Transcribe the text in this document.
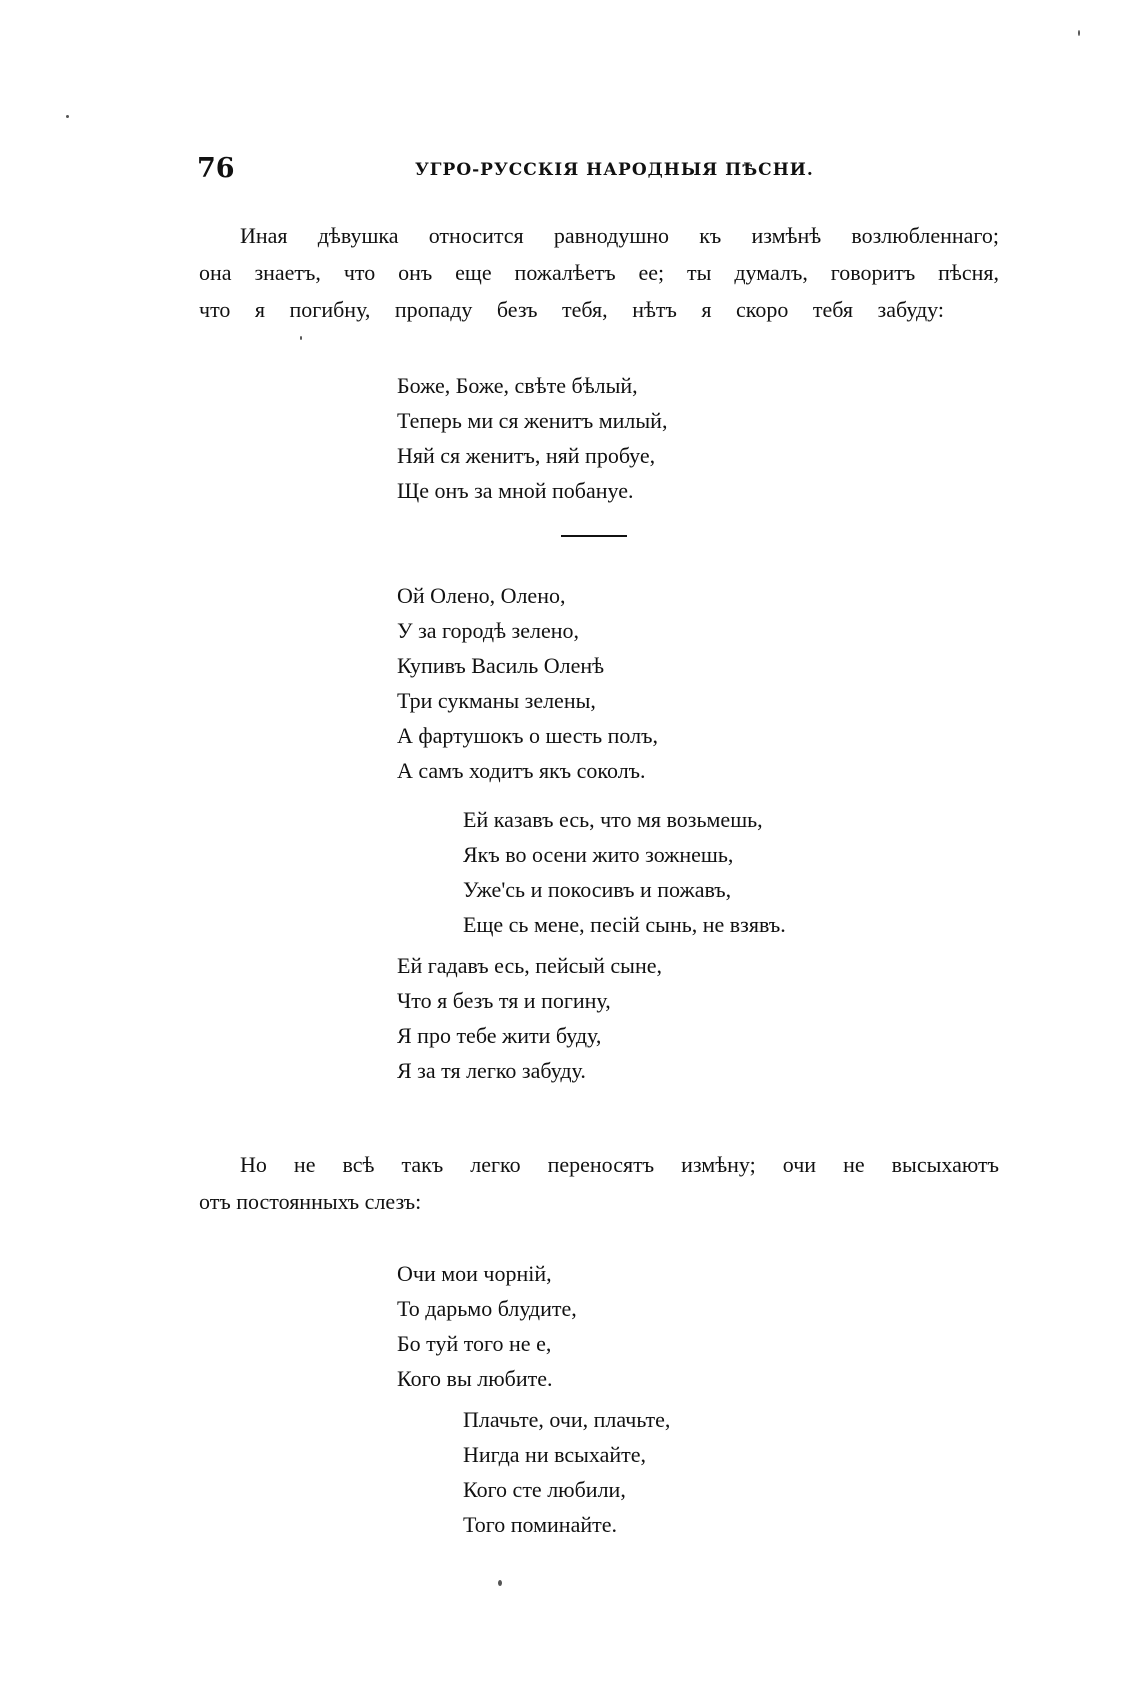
76	УГРО-РУССКІЯ НАРОДНЫЯ ПѢСНИ.

Иная дѣвушка относится равнодушно къ измѣнѣ возлюбленнаго;
она знаетъ, что онъ еще пожалѣетъ ее; ты думалъ, говоритъ пѣсня,
что я погибну, пропаду безъ тебя, нѣтъ я скоро тебя забуду:

Боже, Боже, свѣте бѣлый,
Теперь ми ся женитъ милый,
Няй ся женитъ, няй пробуе,
Ще онъ за мной побануе.
Ой Олено, Олено,
У за городѣ зелено,
Купивъ Василь Оленѣ
Три сукманы зелены,
А фартушокъ о шесть полъ,
А самъ ходитъ якъ соколъ.
Ей казавъ есь, что мя возьмешь,
Якъ во осени жито зожнешь,
Уже'сь и покосивъ и пожавъ,
Еще сь мене, песій сынь, не взявъ.
Ей гадавъ есь, пейсый сыне,
Что я безъ тя и погину,
Я про тебе жити буду,
Я за тя легко забуду.

Но не всѣ такъ легко переносятъ измѣну; очи не высыхаютъ
отъ постоянныхъ слезъ:

Очи мои чорній,
То дарьмо блудите,
Бо туй того не е,
Кого вы любите.
Плачьте, очи, плачьте,
Нигда ни всыхайте,
Кого сте любили,
Того поминайте.
